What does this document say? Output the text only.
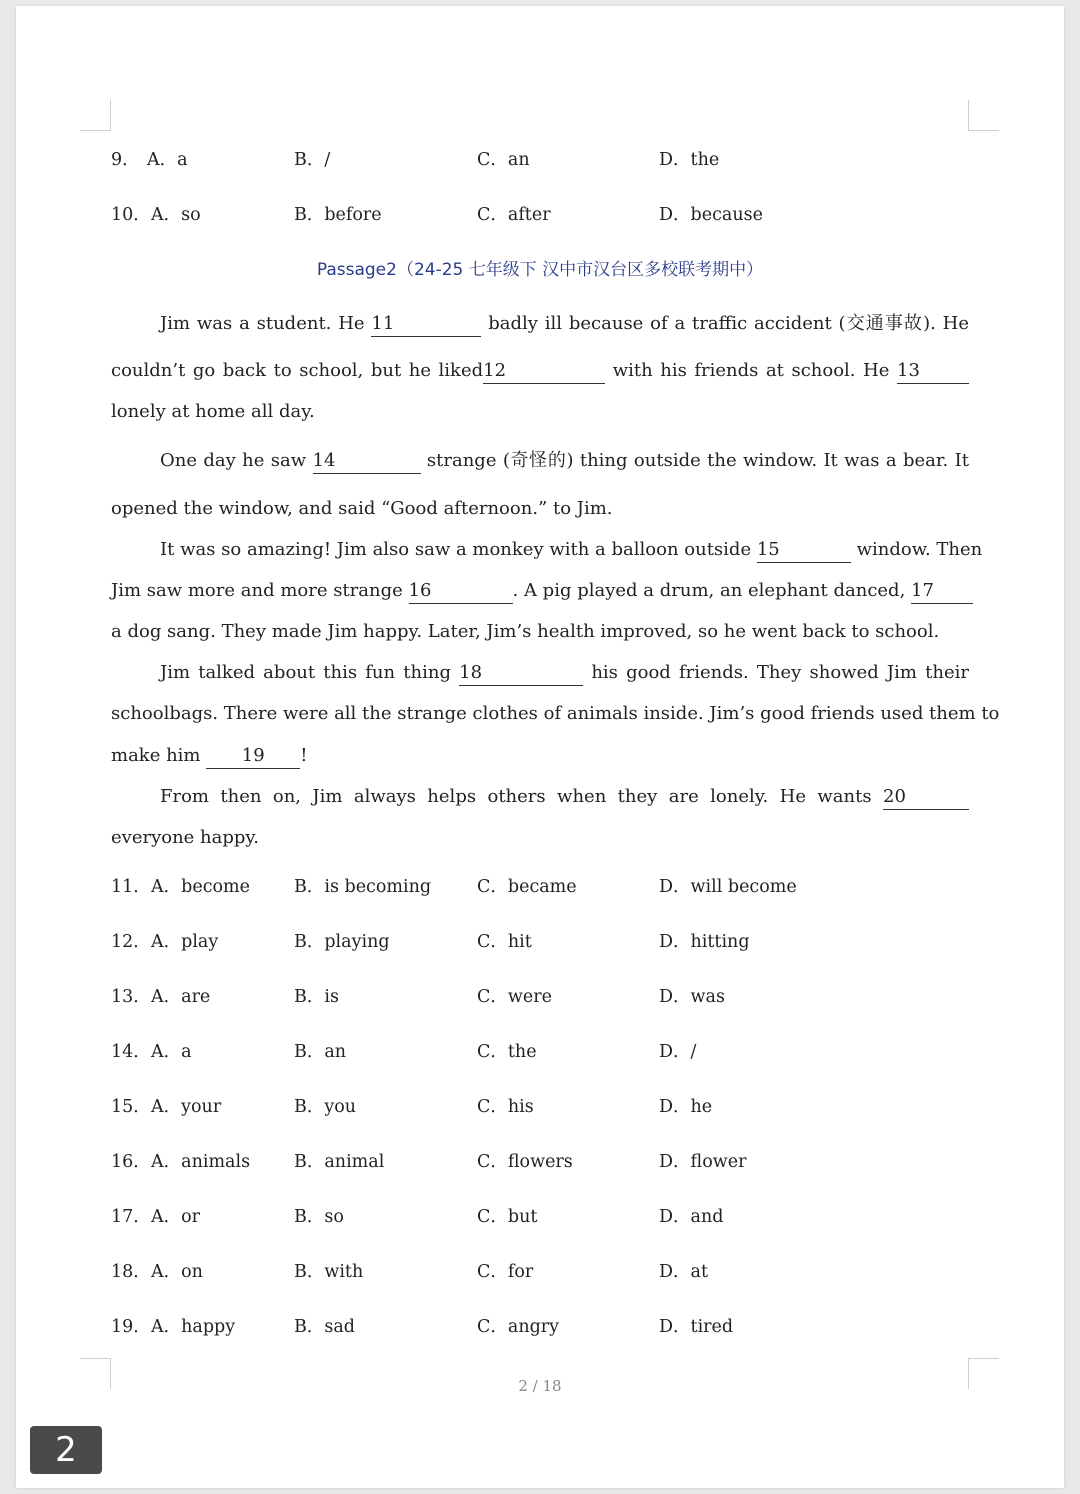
9． A．a	B．/	C．an	D．the
10． A．so	B．before	C．after	D．because
Passage2（24-25 七年级下 汉中市汉台区多校联考期中）
Jim was a student. He 11	badly ill because of a traffic accident (交通事故). He
couldn’t go back to school, but he liked12	with his friends at school. He 13
lonely at home all day.
One day he saw 14	strange (奇怪的) thing outside the window. It was a bear. It
opened the window, and said “Good afternoon.” to Jim.
It was so amazing! Jim also saw a monkey with a balloon outside 15	window. Then
Jim saw more and more strange 16	. A pig played a drum, an elephant danced, 17
a dog sang. They made Jim happy. Later, Jim’s health improved, so he went back to school.
Jim talked about this fun thing 18	his good friends. They showed Jim their
schoolbags. There were all the strange clothes of animals inside. Jim’s good friends used them to
make him 19 !
From then on, Jim always helps others when they are lonely. He wants 20
everyone happy.
11． A．become	B．is becoming	C．became	D．will become
12． A．play	B．playing	C．hit	D．hitting
13． A．are	B．is	C．were	D．was
14． A．a	B．an	C．the	D．/
15． A．your	B．you	C．his	D．he
16． A．animals	B．animal	C．flowers	D．flower
17． A．or	B．so	C．but	D．and
18． A．on	B．with	C．for	D．at
19． A．happy	B．sad	C．angry	D．tired
2 / 18
2
